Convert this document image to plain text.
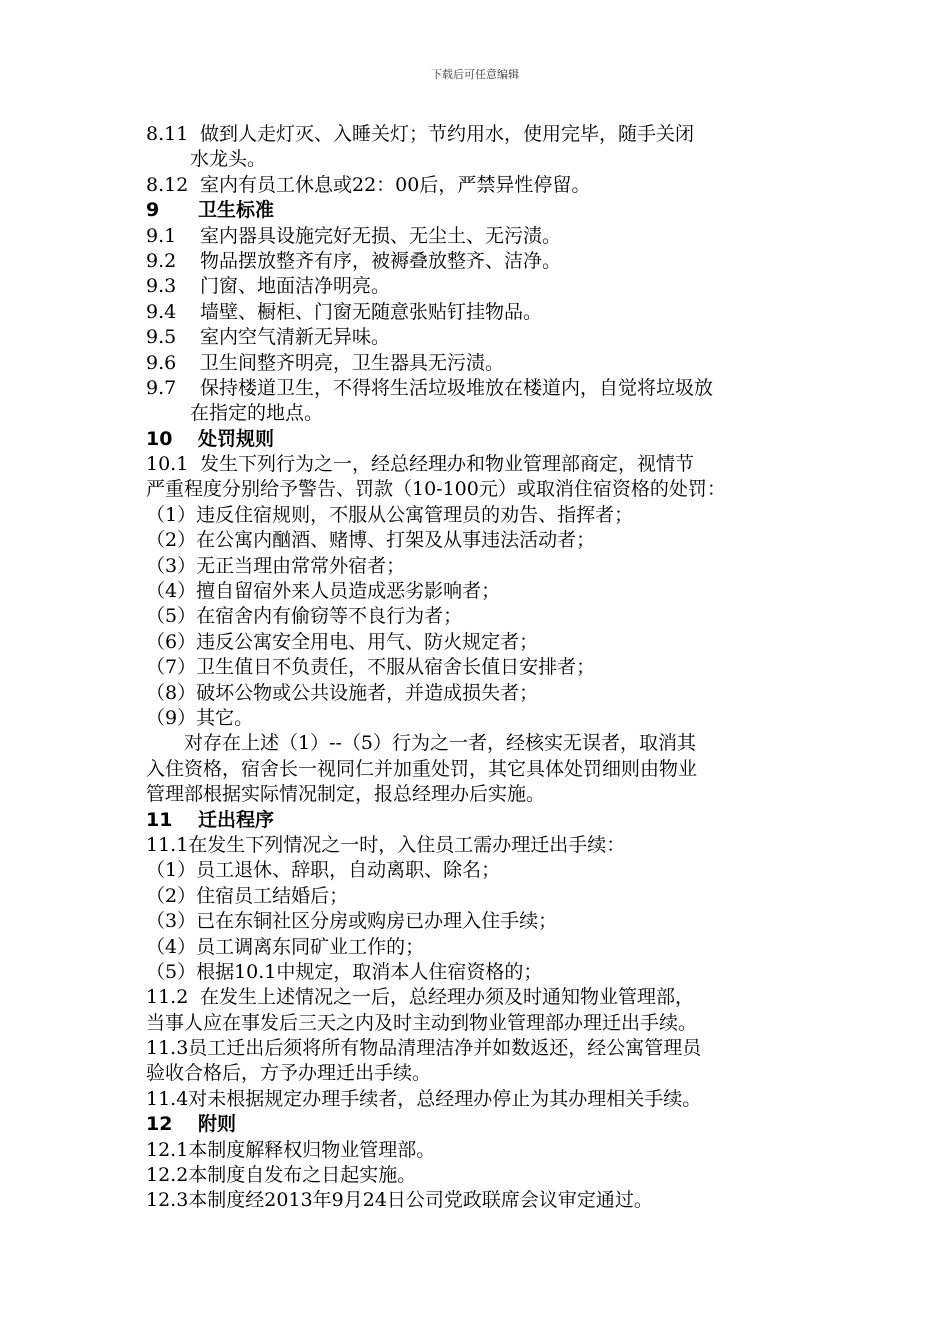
下载后可任意编辑
8.11 做到人走灯灭、入睡关灯；节约用水，使用完毕，随手关闭
水龙头。
8.12 室内有员工休息或22：00后，严禁异性停留。
9 卫生标准
9.1 室内器具设施完好无损、无尘土、无污渍。
9.2 物品摆放整齐有序，被褥叠放整齐、洁净。
9.3 门窗、地面洁净明亮。
9.4 墙壁、橱柜、门窗无随意张贴钉挂物品。
9.5 室内空气清新无异味。
9.6 卫生间整齐明亮，卫生器具无污渍。
9.7 保持楼道卫生，不得将生活垃圾堆放在楼道内，自觉将垃圾放
在指定的地点。
10 处罚规则
10.1 发生下列行为之一，经总经理办和物业管理部商定，视情节
严重程度分别给予警告、罚款（10-100元）或取消住宿资格的处罚：
（1）违反住宿规则，不服从公寓管理员的劝告、指挥者；
（2）在公寓内酗酒、赌博、打架及从事违法活动者；
（3）无正当理由常常外宿者；
（4）擅自留宿外来人员造成恶劣影响者；
（5）在宿舍内有偷窃等不良行为者；
（6）违反公寓安全用电、用气、防火规定者；
（7）卫生值日不负责任，不服从宿舍长值日安排者；
（8）破坏公物或公共设施者，并造成损失者；
（9）其它。
对存在上述（1）--（5）行为之一者，经核实无误者，取消其
入住资格，宿舍长一视同仁并加重处罚，其它具体处罚细则由物业
管理部根据实际情况制定，报总经理办后实施。
11 迁出程序
11.1在发生下列情况之一时，入住员工需办理迁出手续：
（1）员工退休、辞职，自动离职、除名；
（2）住宿员工结婚后；
（3）已在东铜社区分房或购房已办理入住手续；
（4）员工调离东同矿业工作的；
（5）根据10.1中规定，取消本人住宿资格的；
11.2 在发生上述情况之一后，总经理办须及时通知物业管理部，
当事人应在事发后三天之内及时主动到物业管理部办理迁出手续。
11.3员工迁出后须将所有物品清理洁净并如数返还，经公寓管理员
验收合格后，方予办理迁出手续。
11.4对未根据规定办理手续者，总经理办停止为其办理相关手续。
12 附则
12.1本制度解释权归物业管理部。
12.2本制度自发布之日起实施。
12.3本制度经2013年9月24日公司党政联席会议审定通过。
